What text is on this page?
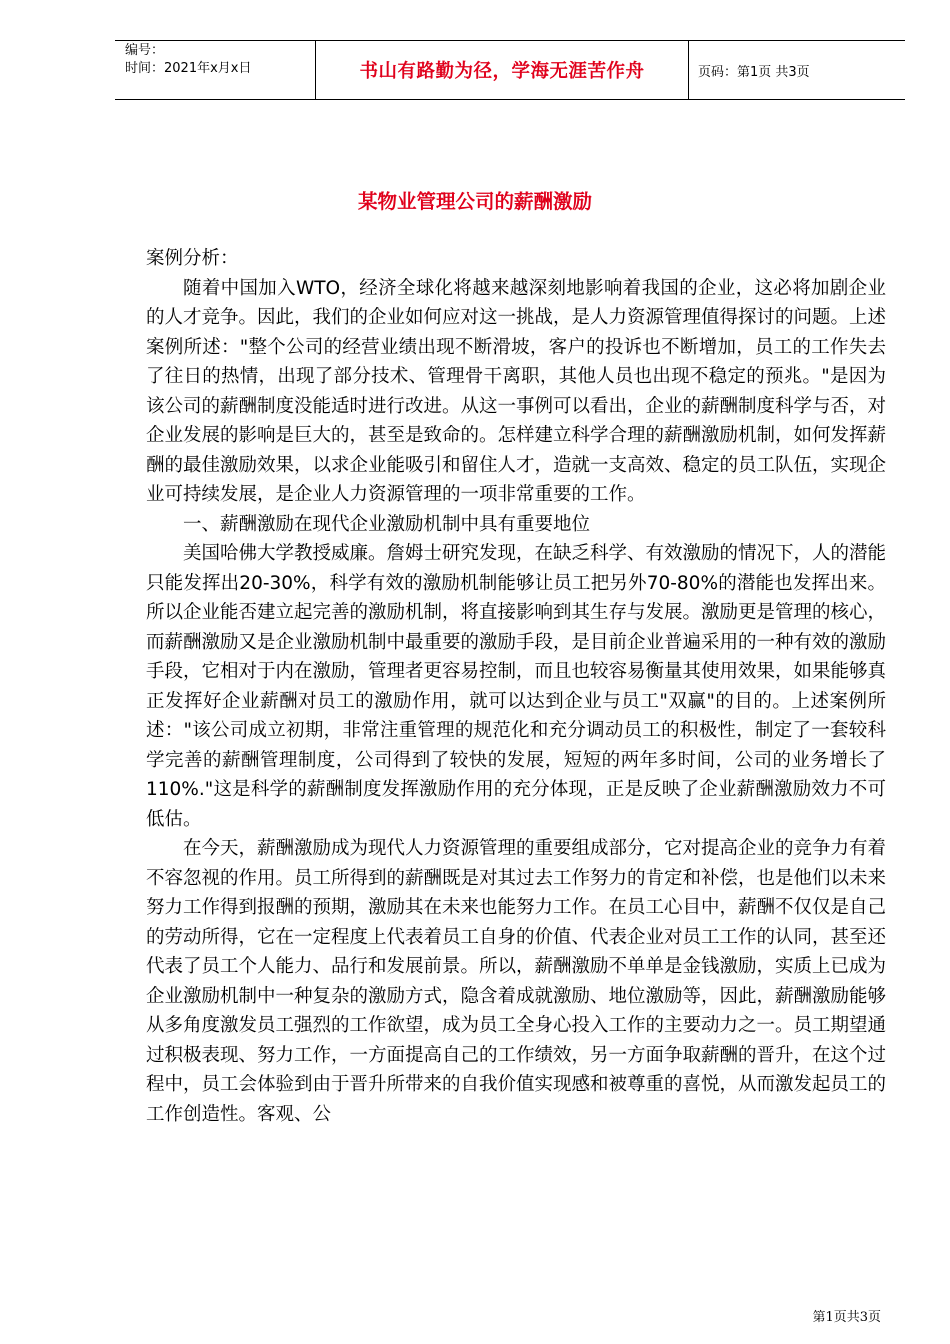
编号：
时间：2021年x月x日	书山有路勤为径，学海无涯苦作舟	页码：第1页 共3页
某物业管理公司的薪酬激励

案例分析：

随着中国加入WTO，经济全球化将越来越深刻地影响着我国的企业，这必将加剧企业的人才竞争。因此，我们的企业如何应对这一挑战，是人力资源管理值得探讨的问题。上述案例所述："整个公司的经营业绩出现不断滑坡，客户的投诉也不断增加，员工的工作失去了往日的热情，出现了部分技术、管理骨干离职，其他人员也出现不稳定的预兆。"是因为该公司的薪酬制度没能适时进行改进。从这一事例可以看出，企业的薪酬制度科学与否，对企业发展的影响是巨大的，甚至是致命的。怎样建立科学合理的薪酬激励机制，如何发挥薪酬的最佳激励效果，以求企业能吸引和留住人才，造就一支高效、稳定的员工队伍，实现企业可持续发展，是企业人力资源管理的一项非常重要的工作。

一、薪酬激励在现代企业激励机制中具有重要地位

美国哈佛大学教授威廉。詹姆士研究发现，在缺乏科学、有效激励的情况下，人的潜能只能发挥出20-30%，科学有效的激励机制能够让员工把另外70-80%的潜能也发挥出来。所以企业能否建立起完善的激励机制，将直接影响到其生存与发展。激励更是管理的核心，而薪酬激励又是企业激励机制中最重要的激励手段，是目前企业普遍采用的一种有效的激励手段，它相对于内在激励，管理者更容易控制，而且也较容易衡量其使用效果，如果能够真正发挥好企业薪酬对员工的激励作用，就可以达到企业与员工"双赢"的目的。上述案例所述："该公司成立初期，非常注重管理的规范化和充分调动员工的积极性，制定了一套较科学完善的薪酬管理制度，公司得到了较快的发展，短短的两年多时间，公司的业务增长了110%."这是科学的薪酬制度发挥激励作用的充分体现，正是反映了企业薪酬激励效力不可低估。

在今天，薪酬激励成为现代人力资源管理的重要组成部分，它对提高企业的竞争力有着不容忽视的作用。员工所得到的薪酬既是对其过去工作努力的肯定和补偿，也是他们以未来努力工作得到报酬的预期，激励其在未来也能努力工作。在员工心目中，薪酬不仅仅是自己的劳动所得，它在一定程度上代表着员工自身的价值、代表企业对员工工作的认同，甚至还代表了员工个人能力、品行和发展前景。所以，薪酬激励不单单是金钱激励，实质上已成为企业激励机制中一种复杂的激励方式，隐含着成就激励、地位激励等，因此，薪酬激励能够从多角度激发员工强烈的工作欲望，成为员工全身心投入工作的主要动力之一。员工期望通过积极表现、努力工作，一方面提高自己的工作绩效，另一方面争取薪酬的晋升，在这个过程中，员工会体验到由于晋升所带来的自我价值实现感和被尊重的喜悦，从而激发起员工的工作创造性。客观、公

第1页共3页
